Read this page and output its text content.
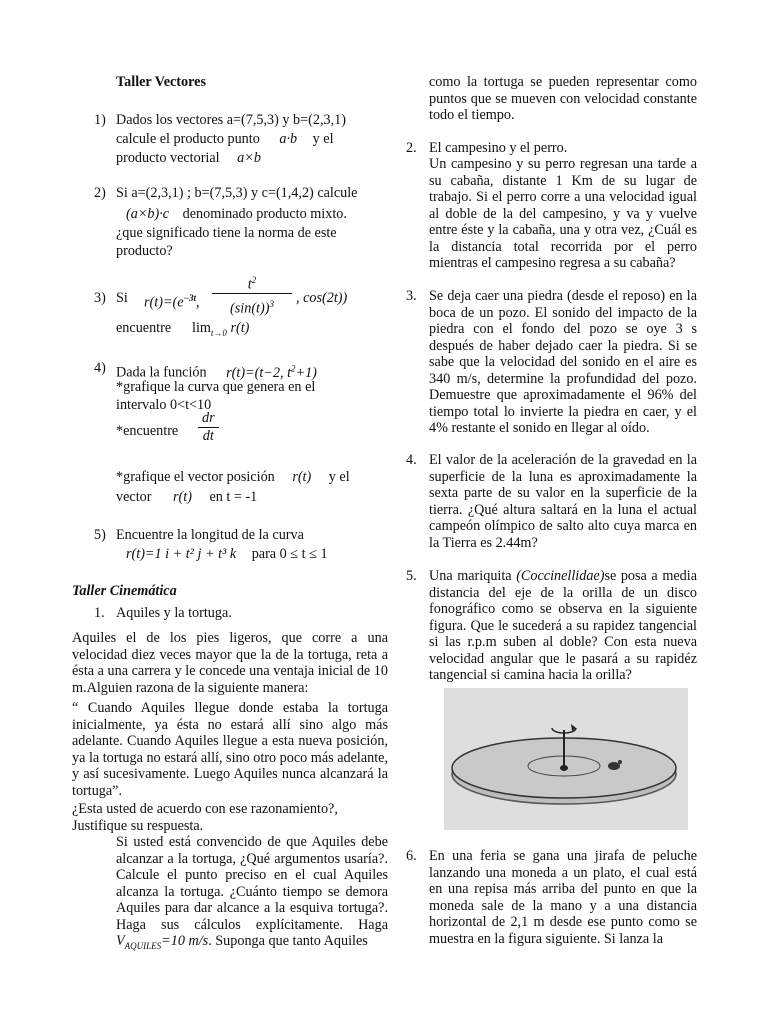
Taller Vectores
1) Dados los vectores a=(7,5,3) y b=(2,3,1)
calcule el producto punto a·b y el
producto vectorial a×b
2) Si a=(2,3,1) ; b=(7,5,3) y c=(1,4,2) calcule
(a×b)·c denominado producto mixto.
¿que significado tiene la norma de este
producto?
3) Si $r(t)=(e^{-3t}$,
$t^2$
$(\sin(t))^3$	, cos(2t))
encuentre $\lim_{t\to 0} r(t)$
4) Dada la función r(t)=(t−2, $t^2+1$)
*grafique la curva que genera en el
intervalo 0<t<10
*encuentre
dr
dt
*grafique el vector posición r(t) y el
vector r(t) en t = -1
5) Encuentre la longitud de la curva
r(t)=1 i + t² j + t³ k para 0 ≤ t ≤ 1
Taller Cinemática
1. Aquiles y la tortuga.
Aquiles el de los pies ligeros, que corre a una velocidad diez veces mayor que la de la tortuga, reta a ésta a una carrera y le concede una ventaja inicial de 10 m.Alguien razona de la siguiente manera:
“ Cuando Aquiles llegue donde estaba la tortuga inicialmente, ya ésta no estará allí sino algo más adelante. Cuando Aquiles llegue a esta nueva posición, ya la tortuga no estará allí, sino otro poco más adelante, y así sucesivamente. Luego Aquiles nunca alcanzará la tortuga”.
¿Esta usted de acuerdo con ese razonamiento?, Justifique su respuesta.
Si usted está convencido de que Aquiles debe alcanzar a la tortuga, ¿Qué argumentos usaría?. Calcule el punto preciso en el cual Aquiles alcanza la tortuga. ¿Cuánto tiempo se demora Aquiles para dar alcance a la esquiva tortuga?. Haga sus cálculos explícitamente. Haga $V_{AQUILES}=10$ m/s. Suponga que tanto Aquiles
como la tortuga se pueden representar como puntos que se mueven con velocidad constante todo el tiempo.
2. El campesino y el perro.
Un campesino y su perro regresan una tarde a su cabaña, distante 1 Km de su lugar de trabajo. Si el perro corre a una velocidad igual al doble de la del campesino, y va y vuelve entre éste y la cabaña, una y otra vez, ¿Cuál es la distancia total recorrida por el perro mientras el campesino regresa a su cabaña?
3. Se deja caer una piedra (desde el reposo) en la boca de un pozo. El sonido del impacto de la piedra con el fondo del pozo se oye 3 s después de haber dejado caer la piedra. Si se sabe que la velocidad del sonido en el aire es 340 m/s, determine la profundidad del pozo. Demuestre que aproximadamente el 96% del tiempo total lo invierte la piedra en caer, y el 4% restante el sonido en llegar al oído.
4. El valor de la aceleración de la gravedad en la superficie de la luna es aproximadamente la sexta parte de su valor en la superficie de la tierra. ¿Qué altura saltará en la luna el actual campeón olímpico de salto alto cuya marca en la Tierra es 2.44m?
5. Una mariquita (Coccinellidae)se posa a media distancia del eje de la orilla de un disco fonográfico como se observa en la siguiente figura. Que le sucederá a su rapidez tangencial si las r.p.m suben al doble? Con esta nueva velocidad angular que le pasará a su rapidéz tangencial si camina hacia la orilla?
6. En una feria se gana una jirafa de peluche lanzando una moneda a un plato, el cual está en una repisa más arriba del punto en que la moneda sale de la mano y a una distancia horizontal de 2,1 m desde ese punto como se muestra en la figura siguiente. Si lanza la
